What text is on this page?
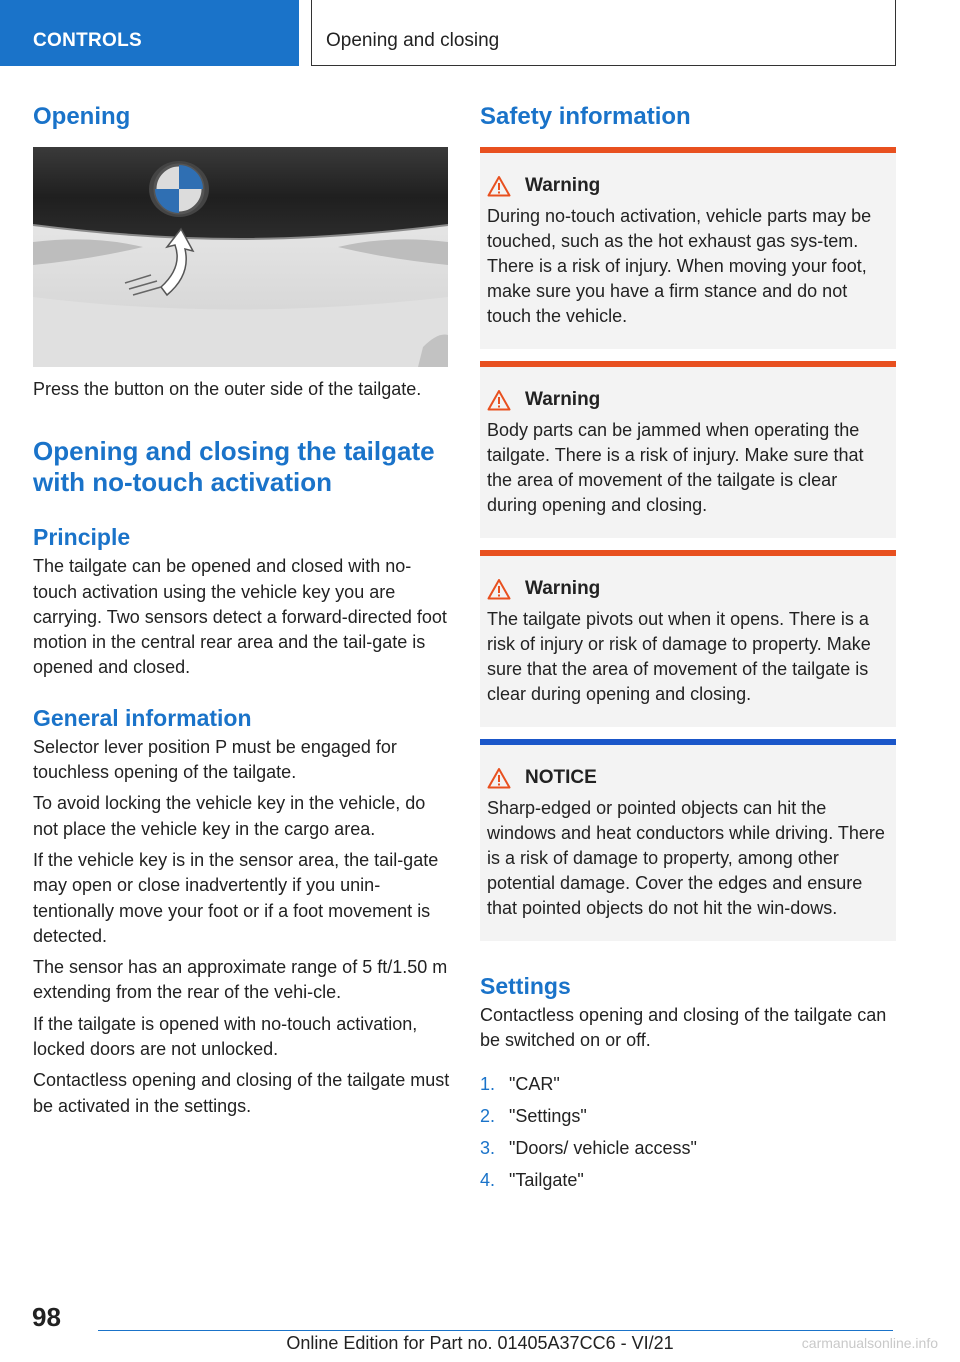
CONTROLS	Opening and closing
Opening

Press the button on the outer side of the tailgate.

Opening and closing the tailgate with no-touch activation
Principle

The tailgate can be opened and closed with no-touch activation using the vehicle key you are carrying. Two sensors detect a forward-directed foot motion in the central rear area and the tail-gate is opened and closed.

General information

Selector lever position P must be engaged for touchless opening of the tailgate.

To avoid locking the vehicle key in the vehicle, do not place the vehicle key in the cargo area.

If the vehicle key is in the sensor area, the tail-gate may open or close inadvertently if you unin-tentionally move your foot or if a foot movement is detected.

The sensor has an approximate range of 5 ft/1.50 m extending from the rear of the vehi-cle.

If the tailgate is opened with no-touch activation, locked doors are not unlocked.

Contactless opening and closing of the tailgate must be activated in the settings.

Safety information
Warning

During no-touch activation, vehicle parts may be touched, such as the hot exhaust gas sys-tem. There is a risk of injury. When moving your foot, make sure you have a firm stance and do not touch the vehicle.

Warning

Body parts can be jammed when operating the tailgate. There is a risk of injury. Make sure that the area of movement of the tailgate is clear during opening and closing.

Warning

The tailgate pivots out when it opens. There is a risk of injury or risk of damage to property. Make sure that the area of movement of the tailgate is clear during opening and closing.

NOTICE

Sharp-edged or pointed objects can hit the windows and heat conductors while driving. There is a risk of damage to property, among other potential damage. Cover the edges and ensure that pointed objects do not hit the win-dows.

Settings

Contactless opening and closing of the tailgate can be switched on or off.

1. "CAR"
2. "Settings"
3. "Doors/ vehicle access"
4. "Tailgate"
98
Online Edition for Part no. 01405A37CC6 - VI/21	carmanualsonline.info
